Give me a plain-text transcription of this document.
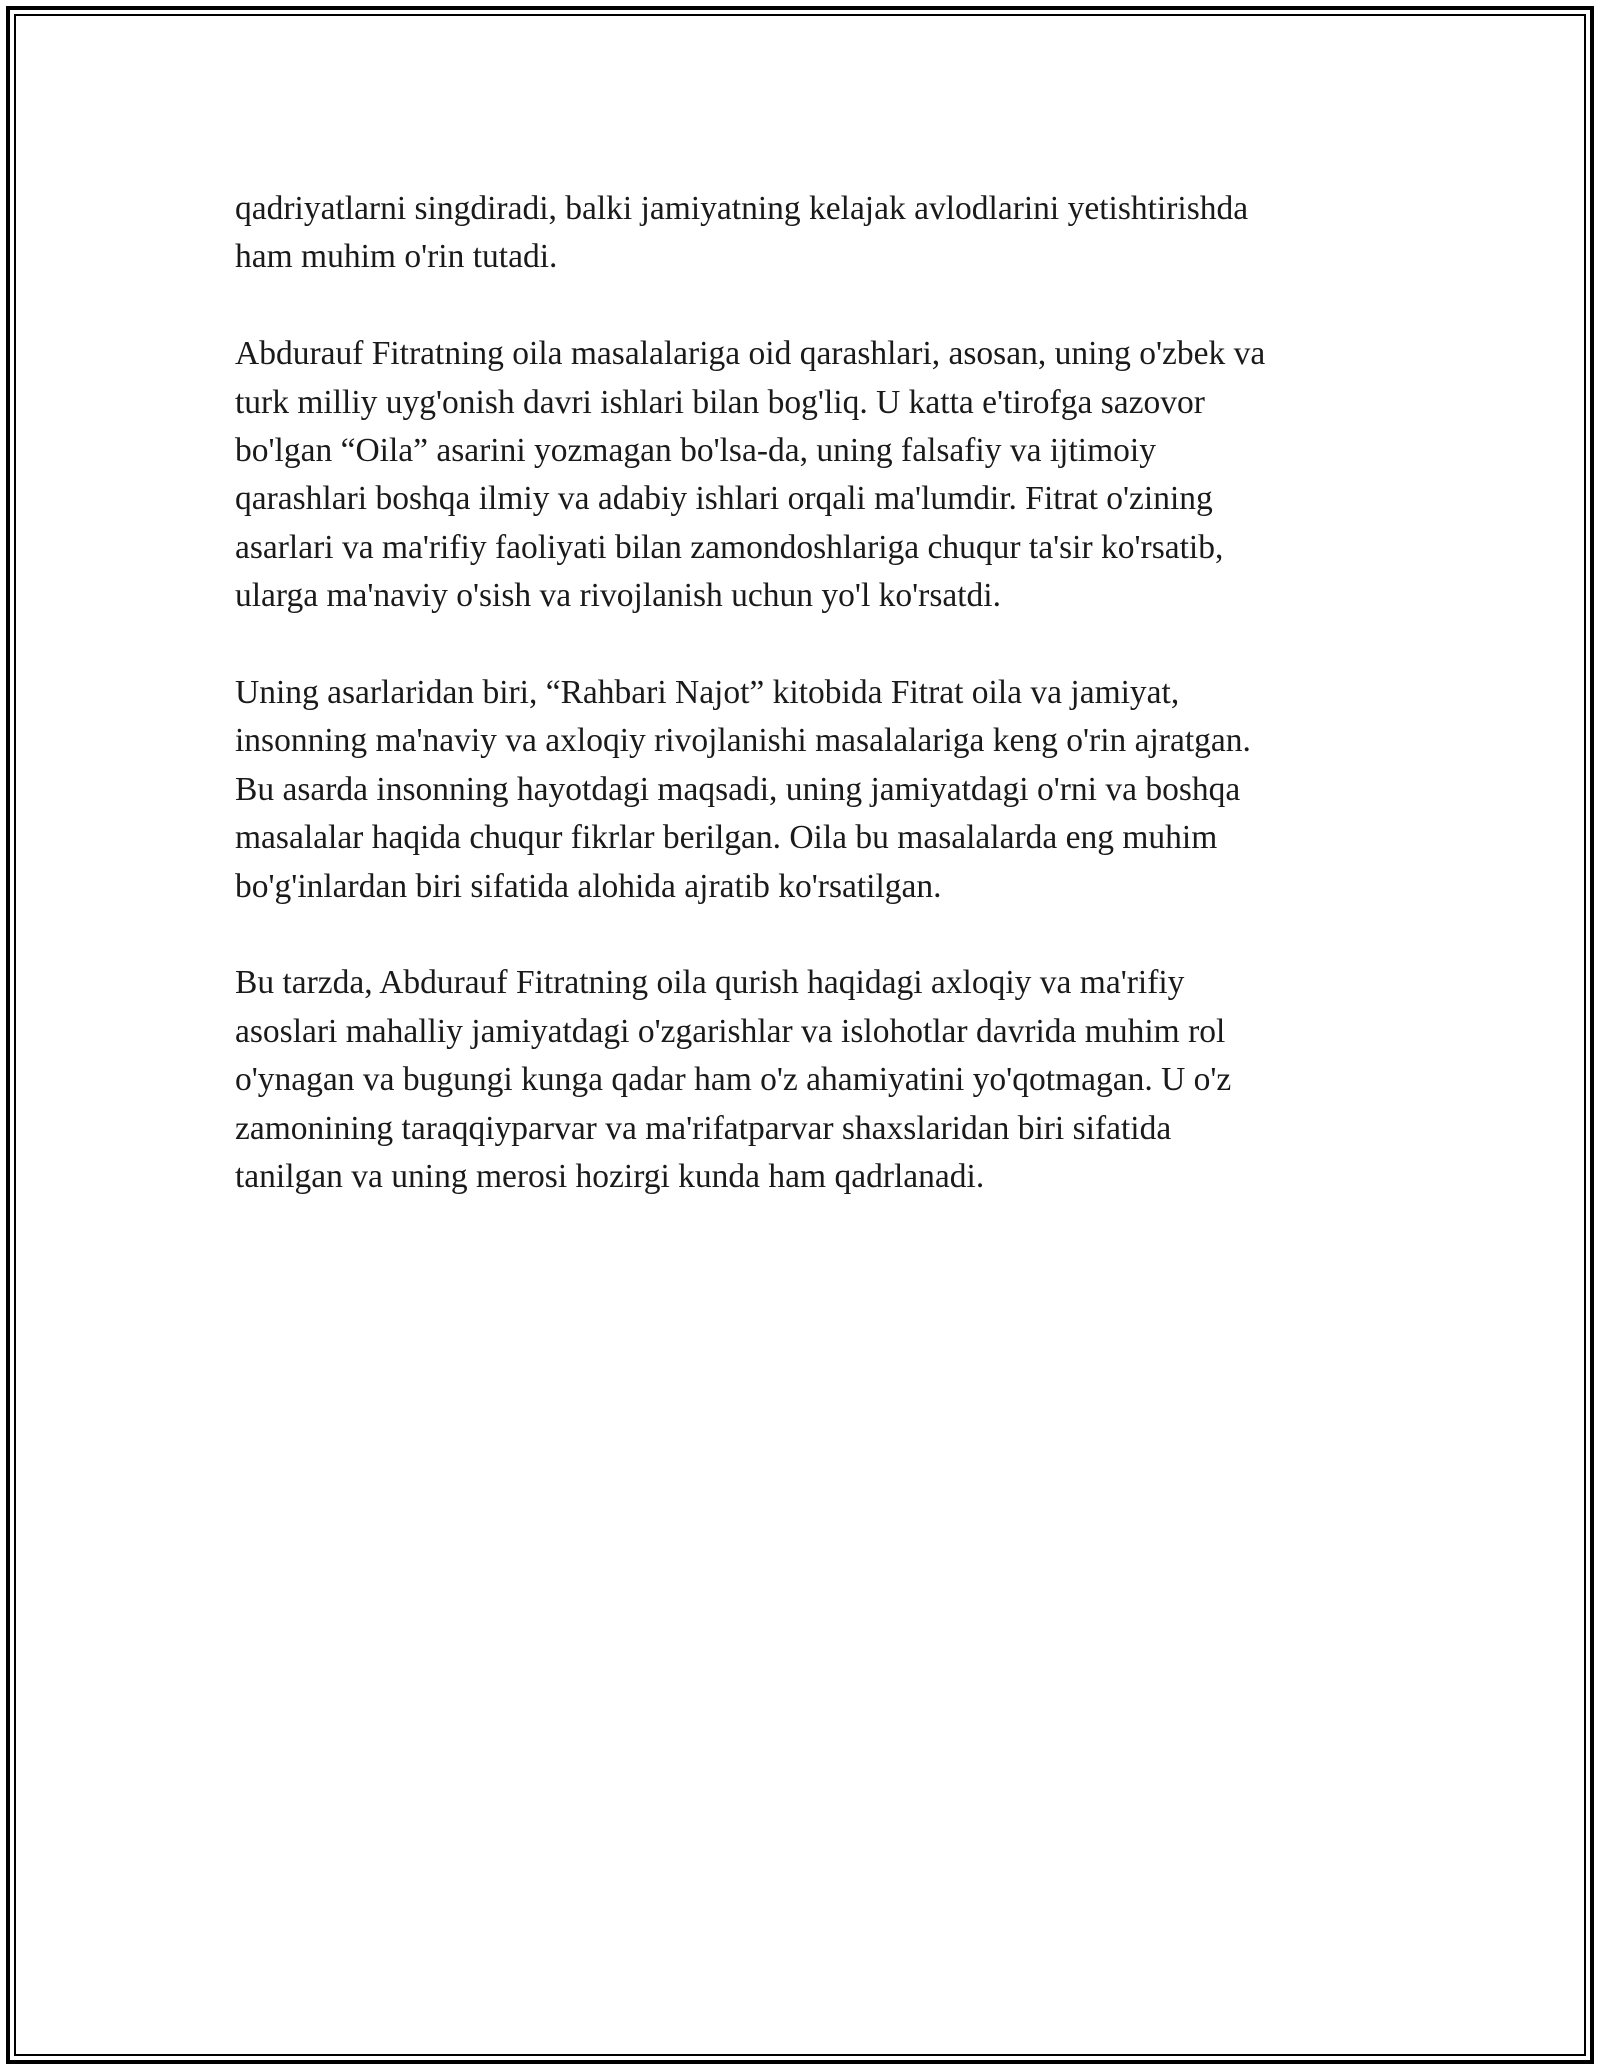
qadriyatlarni singdiradi, balki jamiyatning kelajak avlodlarini yetishtirishda
ham muhim o'rin tutadi.

Abdurauf Fitratning oila masalalariga oid qarashlari, asosan, uning o'zbek va
turk milliy uyg'onish davri ishlari bilan bog'liq. U katta e'tirofga sazovor
bo'lgan “Oila” asarini yozmagan bo'lsa-da, uning falsafiy va ijtimoiy
qarashlari boshqa ilmiy va adabiy ishlari orqali ma'lumdir. Fitrat o'zining
asarlari va ma'rifiy faoliyati bilan zamondoshlariga chuqur ta'sir ko'rsatib,
ularga ma'naviy o'sish va rivojlanish uchun yo'l ko'rsatdi.

Uning asarlaridan biri, “Rahbari Najot” kitobida Fitrat oila va jamiyat,
insonning ma'naviy va axloqiy rivojlanishi masalalariga keng o'rin ajratgan.
Bu asarda insonning hayotdagi maqsadi, uning jamiyatdagi o'rni va boshqa
masalalar haqida chuqur fikrlar berilgan. Oila bu masalalarda eng muhim
bo'g'inlardan biri sifatida alohida ajratib ko'rsatilgan.

Bu tarzda, Abdurauf Fitratning oila qurish haqidagi axloqiy va ma'rifiy
asoslari mahalliy jamiyatdagi o'zgarishlar va islohotlar davrida muhim rol
o'ynagan va bugungi kunga qadar ham o'z ahamiyatini yo'qotmagan. U o'z
zamonining taraqqiyparvar va ma'rifatparvar shaxslaridan biri sifatida
tanilgan va uning merosi hozirgi kunda ham qadrlanadi.
